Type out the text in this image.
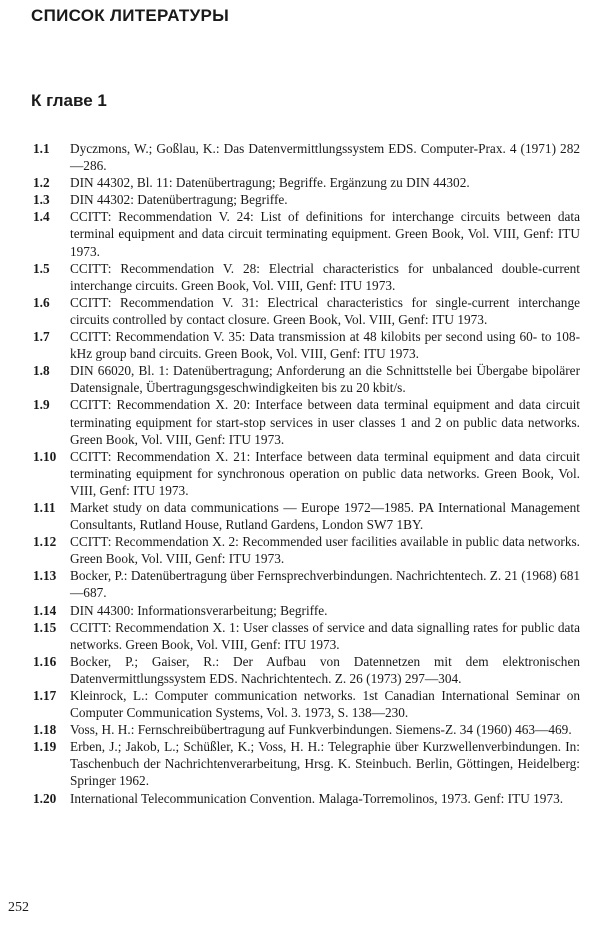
СПИСОК ЛИТЕРАТУРЫ
К главе 1
1.1	Dyczmons, W.; Goßlau, K.: Das Datenvermittlungssystem EDS. Computer-Prax. 4 (1971) 282—286.
1.2	DIN 44302, Bl. 11: Datenübertragung; Begriffe. Ergänzung zu DIN 44302.
1.3	DIN 44302: Datenübertragung; Begriffe.
1.4	CCITT: Recommendation V. 24: List of definitions for interchange circuits between data terminal equipment and data circuit terminating equipment. Green Book, Vol. VIII, Genf: ITU 1973.
1.5	CCITT: Recommendation V. 28: Electrial characteristics for unbalanced double-current interchange circuits. Green Book, Vol. VIII, Genf: ITU 1973.
1.6	CCITT: Recommendation V. 31: Electrical characteristics for single-current interchange circuits controlled by contact closure. Green Book, Vol. VIII, Genf: ITU 1973.
1.7	CCITT: Recommendation V. 35: Data transmission at 48 kilobits per second using 60- to 108-kHz group band circuits. Green Book, Vol. VIII, Genf: ITU 1973.
1.8	DIN 66020, Bl. 1: Datenübertragung; Anforderung an die Schnittstelle bei Übergabe bipolärer Datensignale, Übertragungsgeschwindigkeiten bis zu 20 kbit/s.
1.9	CCITT: Recommendation X. 20: Interface between data terminal equipment and data circuit terminating equipment for start-stop services in user classes 1 and 2 on public data networks. Green Book, Vol. VIII, Genf: ITU 1973.
1.10	CCITT: Recommendation X. 21: Interface between data terminal equipment and data circuit terminating equipment for synchronous operation on public data networks. Green Book, Vol. VIII, Genf: ITU 1973.
1.11	Market study on data communications — Europe 1972—1985. PA International Management Consultants, Rutland House, Rutland Gardens, London SW7 1BY.
1.12	CCITT: Recommendation X. 2: Recommended user facilities available in public data networks. Green Book, Vol. VIII, Genf: ITU 1973.
1.13	Bocker, P.: Datenübertragung über Fernsprechverbindungen. Nachrichtentech. Z. 21 (1968) 681—687.
1.14	DIN 44300: Informationsverarbeitung; Begriffe.
1.15	CCITT: Recommendation X. 1: User classes of service and data signalling rates for public data networks. Green Book, Vol. VIII, Genf: ITU 1973.
1.16	Bocker, P.; Gaiser, R.: Der Aufbau von Datennetzen mit dem elektronischen Datenvermittlungssystem EDS. Nachrichtentech. Z. 26 (1973) 297—304.
1.17	Kleinrock, L.: Computer communication networks. 1st Canadian International Seminar on Computer Communication Systems, Vol. 3. 1973, S. 138—230.
1.18	Voss, H. H.: Fernschreibübertragung auf Funkverbindungen. Siemens-Z. 34 (1960) 463—469.
1.19	Erben, J.; Jakob, L.; Schüßler, K.; Voss, H. H.: Telegraphie über Kurzwellenverbindungen. In: Taschenbuch der Nachrichtenverarbeitung, Hrsg. K. Steinbuch. Berlin, Göttingen, Heidelberg: Springer 1962.
1.20	International Telecommunication Convention. Malaga-Torremolinos, 1973. Genf: ITU 1973.
252
